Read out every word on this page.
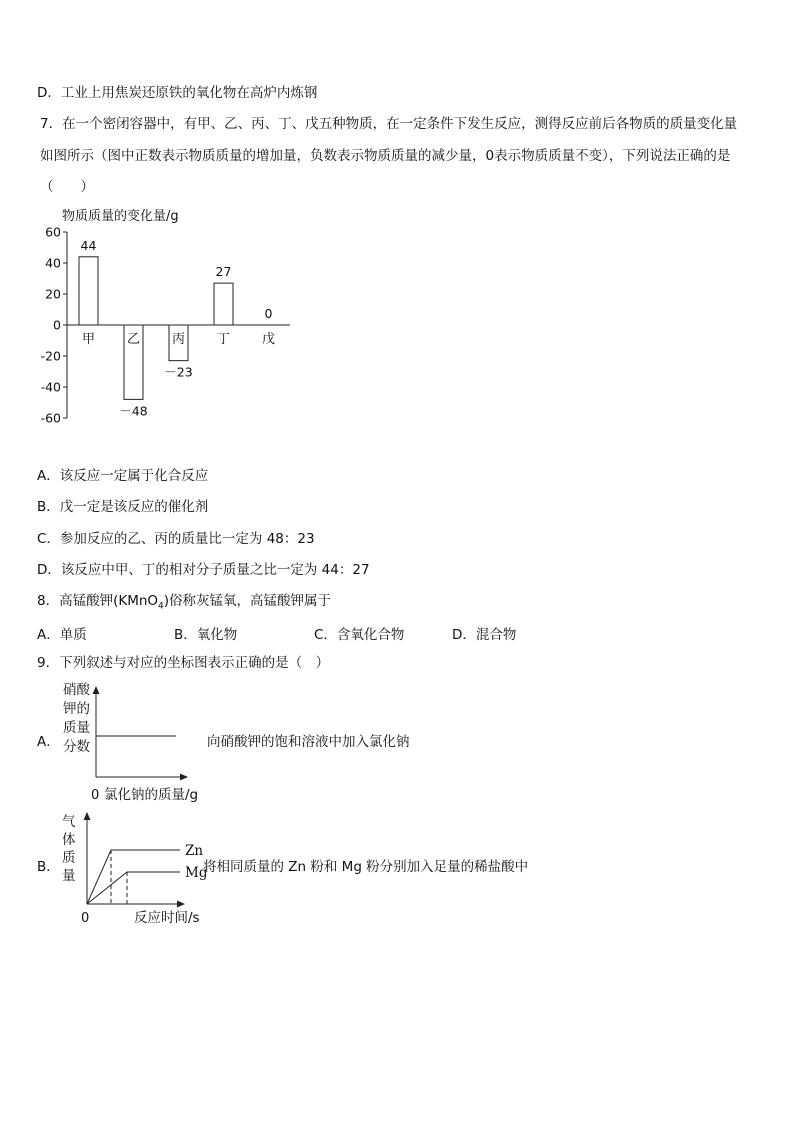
D．工业上用焦炭还原铁的氧化物在高炉内炼钢
7．在一个密闭容器中，有甲、乙、丙、丁、戊五种物质，在一定条件下发生反应，测得反应前后各物质的质量变化量
如图所示（图中正数表示物质质量的增加量，负数表示物质质量的减少量，0表示物质质量不变），下列说法正确的是
（　　）
物质质量的变化量/g
60
40
20
0
-20
-40
-60
44
甲
－48
乙
－23
丙
27
丁
0
戊
A．该反应一定属于化合反应
B．戊一定是该反应的催化剂
C．参加反应的乙、丙的质量比一定为 48：23
D．该反应中甲、丁的相对分子质量之比一定为 44：27
8．高锰酸钾(KMnO$_4$)俗称灰锰氧，高锰酸钾属于
A．单质	B．氧化物	C．含氧化合物	D．混合物
9．下列叙述与对应的坐标图表示正确的是（　）
A．
硝酸
钾的
质量
分数
0 氯化钠的质量/g
向硝酸钾的饱和溶液中加入氯化钠
B．
气
体
质
量
Zn
Mg
将相同质量的 Zn 粉和 Mg 粉分别加入足量的稀盐酸中
0	反应时间/s
